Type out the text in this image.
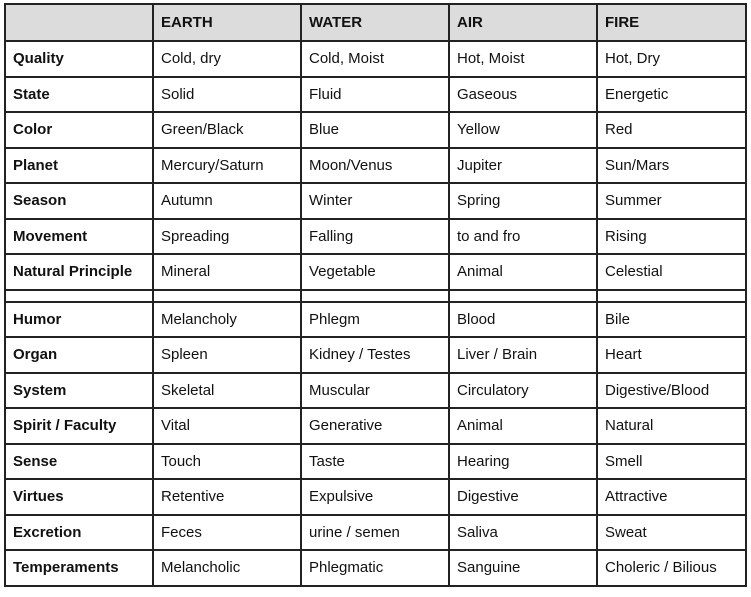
	EARTH	WATER	AIR	FIRE
Quality	Cold, dry	Cold, Moist	Hot, Moist	Hot, Dry
State	Solid	Fluid	Gaseous	Energetic
Color	Green/Black	Blue	Yellow	Red
Planet	Mercury/Saturn	Moon/Venus	Jupiter	Sun/Mars
Season	Autumn	Winter	Spring	Summer
Movement	Spreading	Falling	to and fro	Rising
Natural Principle	Mineral	Vegetable	Animal	Celestial

Humor	Melancholy	Phlegm	Blood	Bile
Organ	Spleen	Kidney / Testes	Liver / Brain	Heart
System	Skeletal	Muscular	Circulatory	Digestive/Blood
Spirit / Faculty	Vital	Generative	Animal	Natural
Sense	Touch	Taste	Hearing	Smell
Virtues	Retentive	Expulsive	Digestive	Attractive
Excretion	Feces	urine / semen	Saliva	Sweat
Temperaments	Melancholic	Phlegmatic	Sanguine	Choleric / Bilious
